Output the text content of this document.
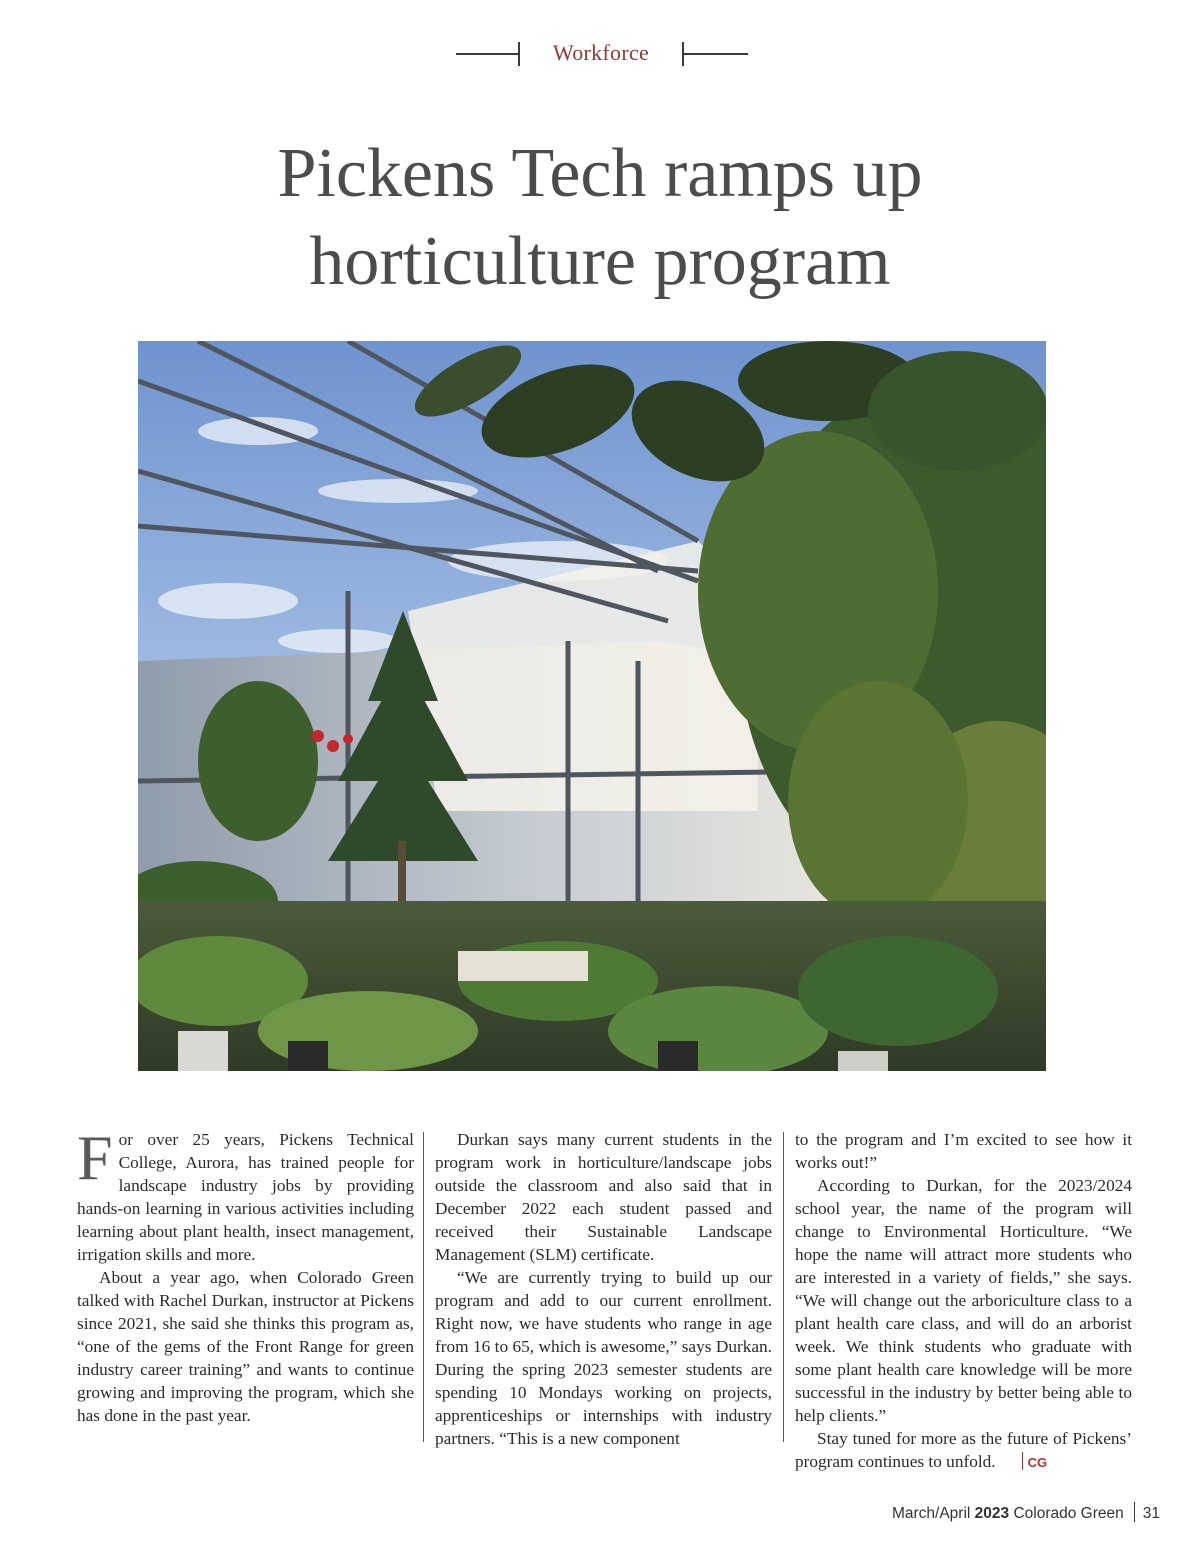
Workforce
Pickens Tech ramps up
horticulture program

For over 25 years, Pickens Technical College, Aurora, has trained people for landscape industry jobs by providing hands-on learning in various activities including learning about plant health, insect management, irrigation skills and more.

About a year ago, when Colorado Green talked with Rachel Durkan, instructor at Pickens since 2021, she said she thinks this program as, “one of the gems of the Front Range for green industry career training” and wants to continue growing and improving the program, which she has done in the past year.

Durkan says many current students in the program work in horticulture/landscape jobs outside the classroom and also said that in December 2022 each student passed and received their Sustainable Landscape Management (SLM) certificate.

“We are currently trying to build up our program and add to our current enrollment. Right now, we have students who range in age from 16 to 65, which is awesome,” says Durkan. During the spring 2023 semester students are spending 10 Mondays working on projects, apprenticeships or internships with industry partners. “This is a new component

to the program and I’m excited to see how it works out!”

According to Durkan, for the 2023/2024 school year, the name of the program will change to Environmental Horticulture. “We hope the name will attract more students who are interested in a variety of fields,” she says. “We will change out the arboriculture class to a plant health care class, and will do an arborist week. We think students who graduate with some plant health care knowledge will be more successful in the industry by better being able to help clients.”

Stay tuned for more as the future of Pickens’ program continues to unfold. CG

March/April 2023 Colorado Green 31
